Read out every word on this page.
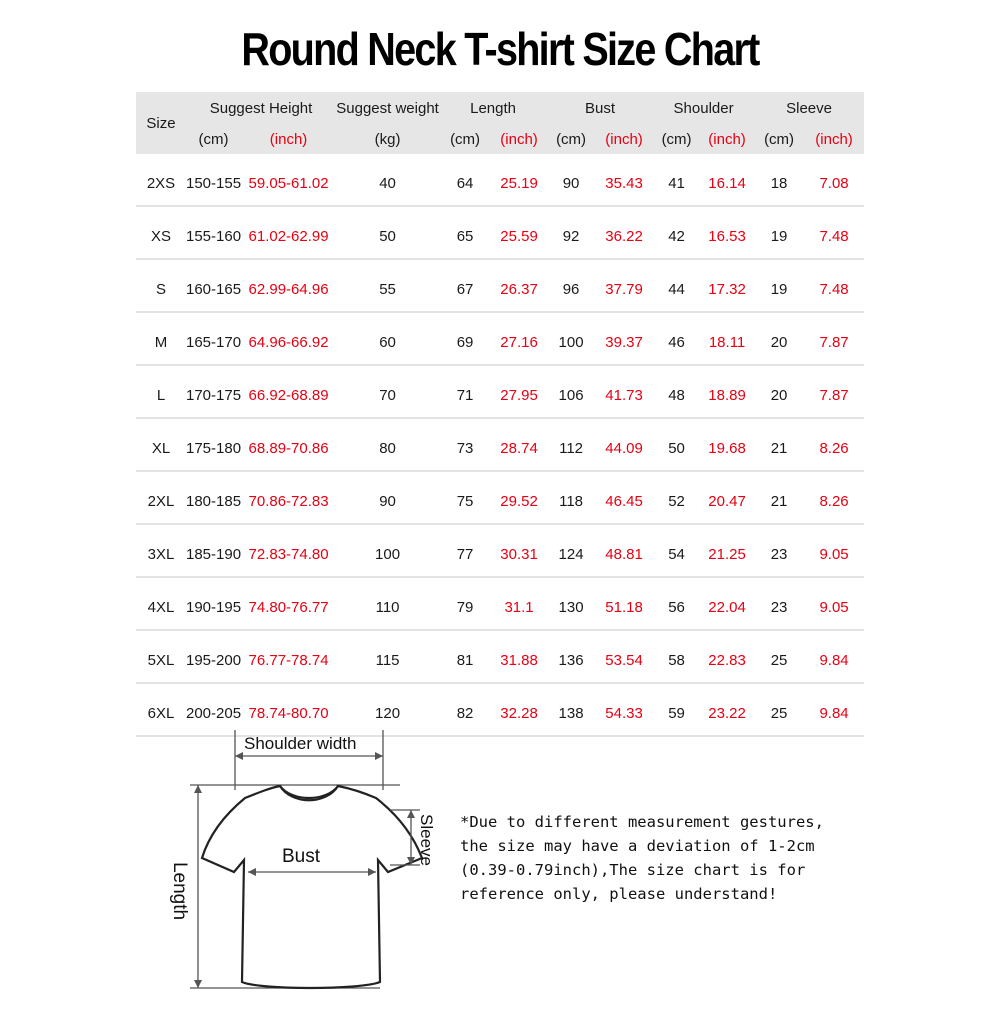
Round Neck T-shirt Size Chart
Size	Suggest Height		Suggest weight	Length		Bust		Shoulder		Sleeve	
	(cm)	(inch)	(kg)	(cm)	(inch)	(cm)	(inch)	(cm)	(inch)	(cm)	(inch)

2XS	150-155	59.05-61.02	40	64	25.19	90	35.43	41	16.14	18	7.08

XS	155-160	61.02-62.99	50	65	25.59	92	36.22	42	16.53	19	7.48

S	160-165	62.99-64.96	55	67	26.37	96	37.79	44	17.32	19	7.48

M	165-170	64.96-66.92	60	69	27.16	100	39.37	46	18.11	20	7.87

L	170-175	66.92-68.89	70	71	27.95	106	41.73	48	18.89	20	7.87

XL	175-180	68.89-70.86	80	73	28.74	112	44.09	50	19.68	21	8.26

2XL	180-185	70.86-72.83	90	75	29.52	118	46.45	52	20.47	21	8.26

3XL	185-190	72.83-74.80	100	77	30.31	124	48.81	54	21.25	23	9.05

4XL	190-195	74.80-76.77	110	79	31.1	130	51.18	56	22.04	23	9.05

5XL	195-200	76.77-78.74	115	81	31.88	136	53.54	58	22.83	25	9.84

6XL	200-205	78.74-80.70	120	82	32.28	138	54.33	59	23.22	25	9.84
Shoulder width
Bust	Sleeve
Length
*Due to different measurement gestures,
the size may have a deviation of 1-2cm
(0.39-0.79inch),The size chart is for
reference only, please understand!
